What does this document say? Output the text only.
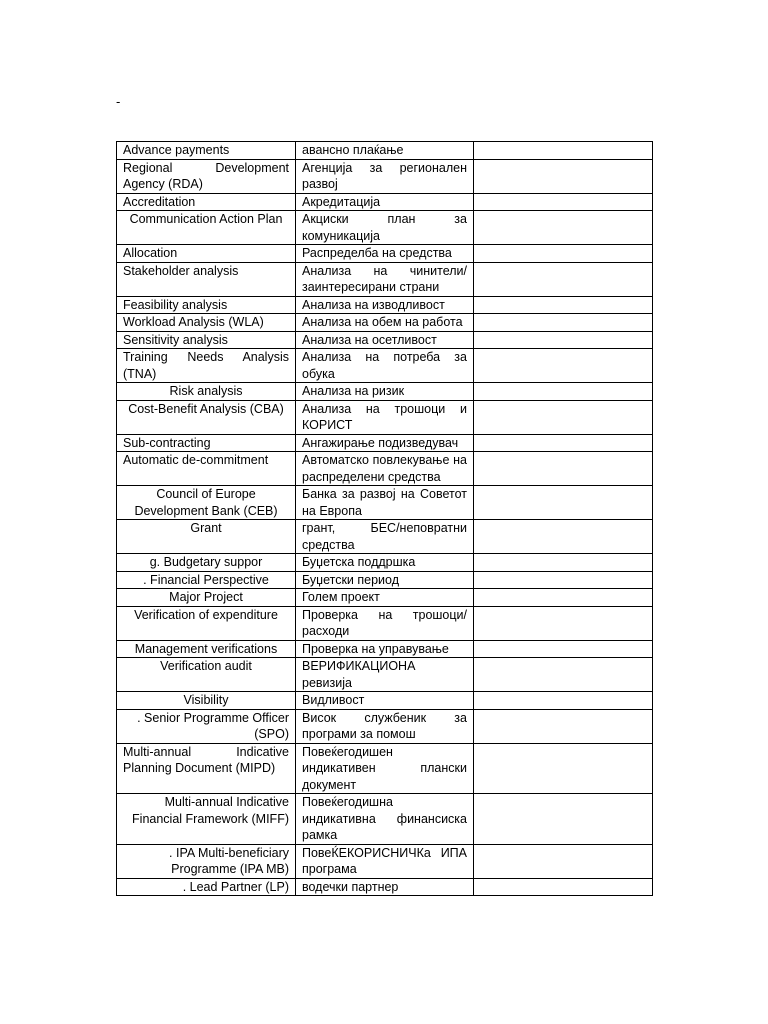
-
Advance payments	авансно плаќање	
Regional Development Agency (RDA)	Агенција за регионален развој	
Accreditation	Акредитација	
Communication Action Plan	Акциски план за комуникација	
Allocation	Распределба на средства	
Stakeholder analysis	Анализа на чинители/заинтересирани страни	
Feasibility analysis	Анализа на изводливост	
Workload Analysis (WLA)	Анализа на обем на работа	
Sensitivity analysis	Анализа на осетливост	
Training Needs Analysis (TNA)	Анализа на потреба за обука	
Risk analysis	Анализа на ризик	
Cost-Benefit Analysis (CBA)	Анализа на трошоци и КОРИСТ	
Sub-contracting	Ангажирање подизведувач	
Automatic de-commitment	Автоматско повлекување на распределени средства	
Council of Europe Development Bank (CEB)	Банка за развој на Советот на Европа	
Grant	грант, БЕС/неповратни средства	
g. Budgetary suppor	Буџетска поддршка	
. Financial Perspective	Буџетски период	
Major Project	Голем проект	
Verification of expenditure	Проверка на трошоци/расходи	
Management verifications	Проверка на управување	
Verification audit	ВЕРИФИКАЦИОНА ревизија	
Visibility	Видливост	
. Senior Programme Officer (SPO)	Висок службеник за програми за помош	
Multi-annual Indicative Planning Document (MIPD)	Повеќегодишен индикативен плански документ	
Multi-annual Indicative Financial Framework (MIFF)	Повеќегодишна индикативна финансиска рамка	
. IPA Multi-beneficiary Programme (IPA MB)	ПовеЌЕКОРИСНИЧКа ИПА програма	
. Lead Partner (LP)	водечки партнер	
